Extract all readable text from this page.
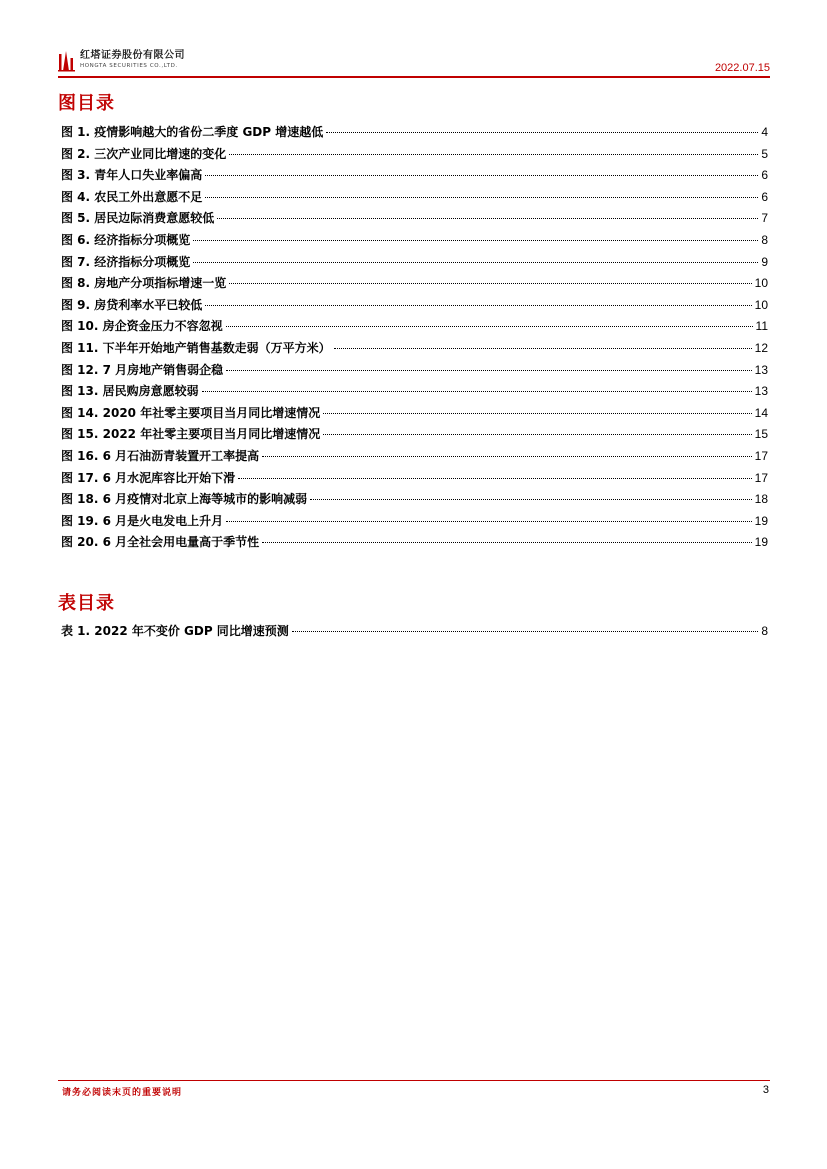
红塔证券股份有限公司
HONGTA SECURITIES CO.,LTD.	2022.07.15
图目录
图 1. 疫情影响越大的省份二季度 GDP 增速越低	4
图 2. 三次产业同比增速的变化	5
图 3. 青年人口失业率偏高	6
图 4. 农民工外出意愿不足	6
图 5. 居民边际消费意愿较低	7
图 6. 经济指标分项概览	8
图 7. 经济指标分项概览	9
图 8. 房地产分项指标增速一览	10
图 9. 房贷利率水平已较低	10
图 10. 房企资金压力不容忽视	11
图 11. 下半年开始地产销售基数走弱（万平方米）	12
图 12. 7 月房地产销售弱企稳	13
图 13. 居民购房意愿较弱	13
图 14. 2020 年社零主要项目当月同比增速情况	14
图 15. 2022 年社零主要项目当月同比增速情况	15
图 16. 6 月石油沥青装置开工率提高	17
图 17. 6 月水泥库容比开始下滑	17
图 18. 6 月疫情对北京上海等城市的影响减弱	18
图 19. 6 月是火电发电上升月	19
图 20. 6 月全社会用电量高于季节性	19
表目录
表 1. 2022 年不变价 GDP 同比增速预测	8
请务必阅读末页的重要说明	3
